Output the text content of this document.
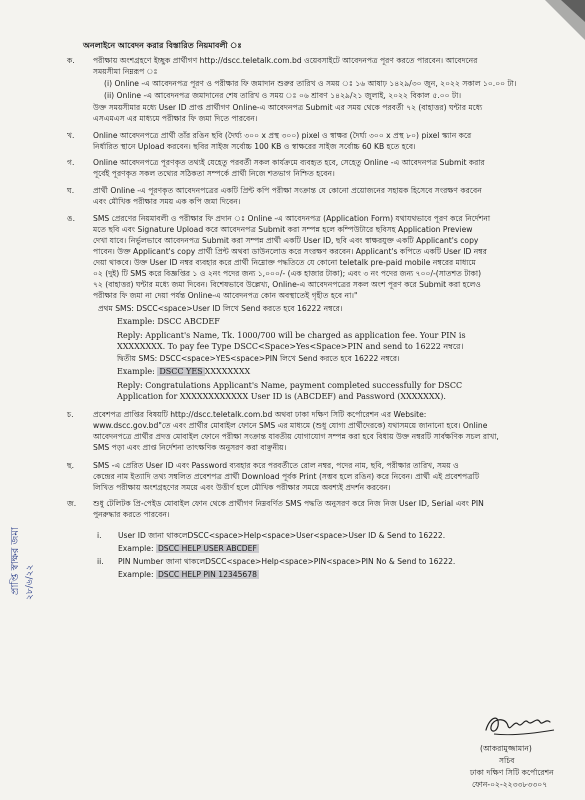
অনলাইনে আবেদন করার বিস্তারিত নিয়মাবলী ঃ
ক. পরীক্ষায় অংশগ্রহণে ইচ্ছুক প্রার্থীগণ http://dscc.teletalk.com.bd ওয়েবসাইটে আবেদনপত্র পূরণ করতে পারবেন। আবেদনের
সময়সীমা নিম্নরূপ ঃ
(i) Online -এ আবেদনপত্র পূরণ ও পরীক্ষার ফি জমাদান শুরুর তারিখ ও সময় ঃ ১৬ আষাঢ় ১৪২৯/৩০ জুন, ২০২২ সকাল ১০.০০ টা।
(ii) Online -এ আবেদনপত্র জমাদানের শেষ তারিখ ও সময় ঃ ০৬ শ্রাবণ ১৪২৯/২১ জুলাই, ২০২২ বিকাল ৫.০০ টা।
উক্ত সময়সীমার মধ্যে User ID প্রাপ্ত প্রার্থীগণ Online-এ আবেদনপত্র Submit এর সময় থেকে পরবর্তী ৭২ (বাহাত্তর) ঘন্টার মধ্যে
এসএমএস এর মাধ্যমে পরীক্ষার ফি জমা দিতে পারবেন।
খ. Online আবেদনপত্রে প্রার্থী তাঁর রঙিন ছবি (দৈর্ঘ্য ৩০০ x প্রস্থ ৩০০) pixel ও স্বাক্ষর (দৈর্ঘ্য ৩০০ x প্রস্থ ৮০) pixel স্ক্যান করে
নির্ধারিত স্থানে Upload করবেন। ছবির সাইজ সর্বোচ্চ 100 KB ও স্বাক্ষরের সাইজ সর্বোচ্চ 60 KB হতে হবে।
গ. Online আবেদনপত্রে পূরণকৃত তথ্যই যেহেতু পরবর্তী সকল কার্যক্রমে ব্যবহৃত হবে, সেহেতু Online -এ আবেদনপত্র Submit করার
পূর্বেই পূরণকৃত সকল তথ্যের সঠিকতা সম্পর্কে প্রার্থী নিজে শতভাগ নিশ্চিত হবেন।
ঘ. প্রার্থী Online -এ পূরণকৃত আবেদনপত্রের একটি প্রিন্ট কপি পরীক্ষা সংক্রান্ত যে কোনো প্রয়োজনের সহায়ক হিসেবে সংরক্ষণ করবেন
এবং মৌখিক পরীক্ষার সময় এক কপি জমা দিবেন।
ঙ. SMS প্রেরণের নিয়মাবলী ও পরীক্ষার ফি প্রদান ঃ Online -এ আবেদনপত্র (Application Form) যথাযথভাবে পূরণ করে নির্দেশনা
মতে ছবি এবং Signature Upload করে আবেদনপত্র Submit করা সম্পন্ন হলে কম্পিউটারে ছবিসহ Application Preview
দেখা যাবে। নির্ভুলভাবে আবেদনপত্র Submit করা সম্পন্ন প্রার্থী একটি User ID, ছবি এবং স্বাক্ষরযুক্ত একটি Applicant's copy
পাবেন। উক্ত Applicant's copy প্রার্থী প্রিন্ট অথবা ডাউনলোড করে সংরক্ষণ করবেন। Applicant's কপিতে একটি User ID নম্বর
দেয়া থাকবে। উক্ত User ID নম্বর ব্যবহার করে প্রার্থী নিম্নোক্ত পদ্ধতিতে যে কোনো teletalk pre-paid mobile নম্বরের মাধ্যমে
০২ (দুই) টি SMS করে বিজ্ঞপ্তির ১ ও ২নং পদের জন্য ১,০০০/- (এক হাজার টাকা); এবং ৩ নং পদের জন্য ৭০০/-(সাতশত টাকা)
৭২ (বাহাত্তর) ঘন্টার মধ্যে জমা দিবেন। বিশেষভাবে উল্লেখ্য, Online-এ আবেদনপত্রের সকল অংশ পূরণ করে Submit করা হলেও
পরীক্ষার ফি জমা না দেয়া পর্যন্ত Online-এ আবেদনপত্র কোন অবস্থাতেই গৃহীত হবে না।"
প্রথম SMS: DSCC<space>User ID লিখে Send করতে হবে 16222 নম্বরে।
Example: DSCC ABCDEF
Reply: Applicant's Name, Tk. 1000/700 will be charged as application fee. Your PIN is
XXXXXXXX. To pay fee Type DSCC<Space>Yes<Space>PIN and send to 16222 নম্বরে।
দ্বিতীয় SMS: DSCC<space>YES<space>PIN লিখে Send করতে হবে 16222 নম্বরে।
Example: DSCC YES XXXXXXXX
Reply: Congratulations Applicant's Name, payment completed successfully for DSCC
Application for XXXXXXXXXXXX User ID is (ABCDEF) and Password (XXXXXXX).
চ.	প্রবেশপত্র প্রাপ্তির বিষয়টি http://dscc.teletalk.com.bd অথবা ঢাকা দক্ষিণ সিটি কর্পোরেশন এর Website:
www.dscc.gov.bd"তে এবং প্রার্থীর মোবাইল ফোনে SMS এর মাধ্যমে (শুধু যোগ্য প্রার্থীদেরকে) যথাসময়ে জানানো হবে। Online
আবেদনপত্রে প্রার্থীর প্রদত্ত মোবাইল ফোনে পরীক্ষা সংক্রান্ত যাবতীয় যোগাযোগ সম্পন্ন করা হবে বিধায় উক্ত নম্বরটি সার্বক্ষণিক সচল রাখা,
SMS পড়া এবং প্রাপ্ত নির্দেশনা তাৎক্ষণিক অনুসরণ করা বাঞ্ছনীয়।
ছ. SMS -এ প্রেরিত User ID এবং Password ব্যবহার করে পরবর্তীতে রোল নম্বর, পদের নাম, ছবি, পরীক্ষার তারিখ, সময় ও
কেন্দ্রের নাম ইত্যাদি তথ্য সম্বলিত প্রবেশপত্র প্রার্থী Download পূর্বক Print (সম্ভব হলে রঙিন) করে নিবেন। প্রার্থী এই প্রবেশপত্রটি
লিখিত পরীক্ষায় অংশগ্রহণের সময়ে এবং উত্তীর্ণ হলে মৌখিক পরীক্ষার সময়ে অবশ্যই প্রদর্শন করবেন।
জ. শুধু টেলিটক প্রি-পেইড মোবাইল ফোন থেকে প্রার্থীগণ নিম্নবর্ণিত SMS পদ্ধতি অনুসরণ করে নিজ নিজ User ID, Serial এবং PIN
পুনরুদ্ধার করতে পারবেন।
i. User ID জানা থাকলেDSCC<space>Help<space>User<space>User ID & Send to 16222.
Example: DSCC HELP USER ABCDEF
ii. PIN Number জানা থাকলেDSCC<space>Help<space>PIN<space>PIN No & Send to 16222.
Example: DSCC HELP PIN 12345678
(আকরামুজ্জামান)
সচিব
ঢাকা দক্ষিণ সিটি কর্পোরেশন
ফোন-০২-২২৩৩৮৩৩০৭
প্রাপ্তি স্বাক্ষর জমা ২৮/৬/২২
